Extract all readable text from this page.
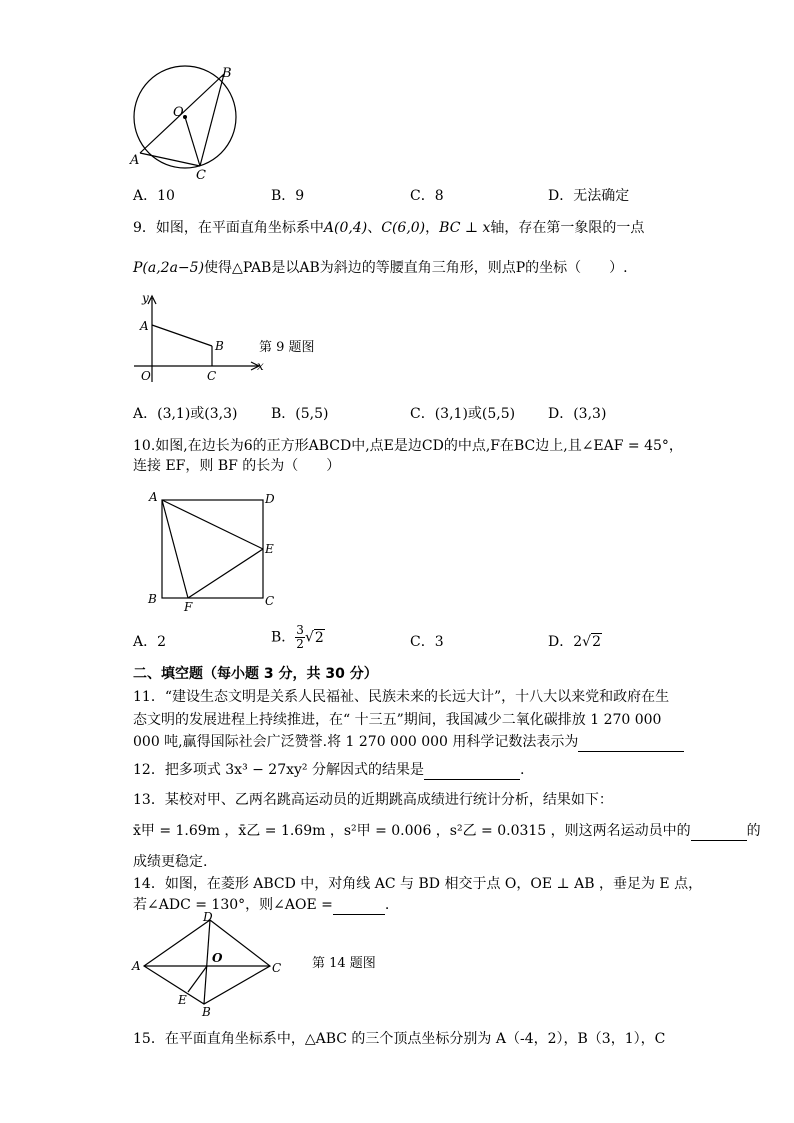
O
B
A
C
A．10	B．9	C．8	D．无法确定
9．如图，在平面直角坐标系中A(0,4)、C(6,0)，BC ⊥ x轴，存在第一象限的一点
P(a,2a−5)使得△PAB是以AB为斜边的等腰直角三角形，则点P的坐标（　　）.
y
x
A
B
O	C
第 9 题图
A．(3,1)或(3,3) B．(5,5)	C．(3,1)或(5,5) D．(3,3)
10.如图,在边长为6的正方形ABCD中,点E是边CD的中点,F在BC边上,且∠EAF = 45°，
连接 EF，则 BF 的长为（　　）
A	D
E
B
F	C
A．2	B． $\frac{3}{2} √2$	C．3	D．2√2
二、填空题（每小题 3 分，共 30 分）
11．“建设生态文明是关系人民福祉、民族未来的长远大计”，十八大以来党和政府在生
态文明的发展进程上持续推进，在“ 十三五”期间，我国减少二氧化碳排放 1 270 000
000 吨,赢得国际社会广泛赞誉.将 1 270 000 000 用科学记数法表示为
12．把多项式 3x³ − 27xy² 分解因式的结果是	.
13．某校对甲、乙两名跳高运动员的近期跳高成绩进行统计分析，结果如下：
x̄甲 = 1.69m ，x̄乙 = 1.69m ，s²甲 = 0.006 ，s²乙 = 0.0315 ，则这两名运动员中的	的
成绩更稳定.
14．如图，在菱形 ABCD 中，对角线 AC 与 BD 相交于点 O，OE ⊥ AB ，垂足为 E 点，
若∠ADC = 130°，则∠AOE =	.
D
A
O
C
E
B
第 14 题图
15．在平面直角坐标系中，△ABC 的三个顶点坐标分别为 A（-4，2），B（3，1），C
